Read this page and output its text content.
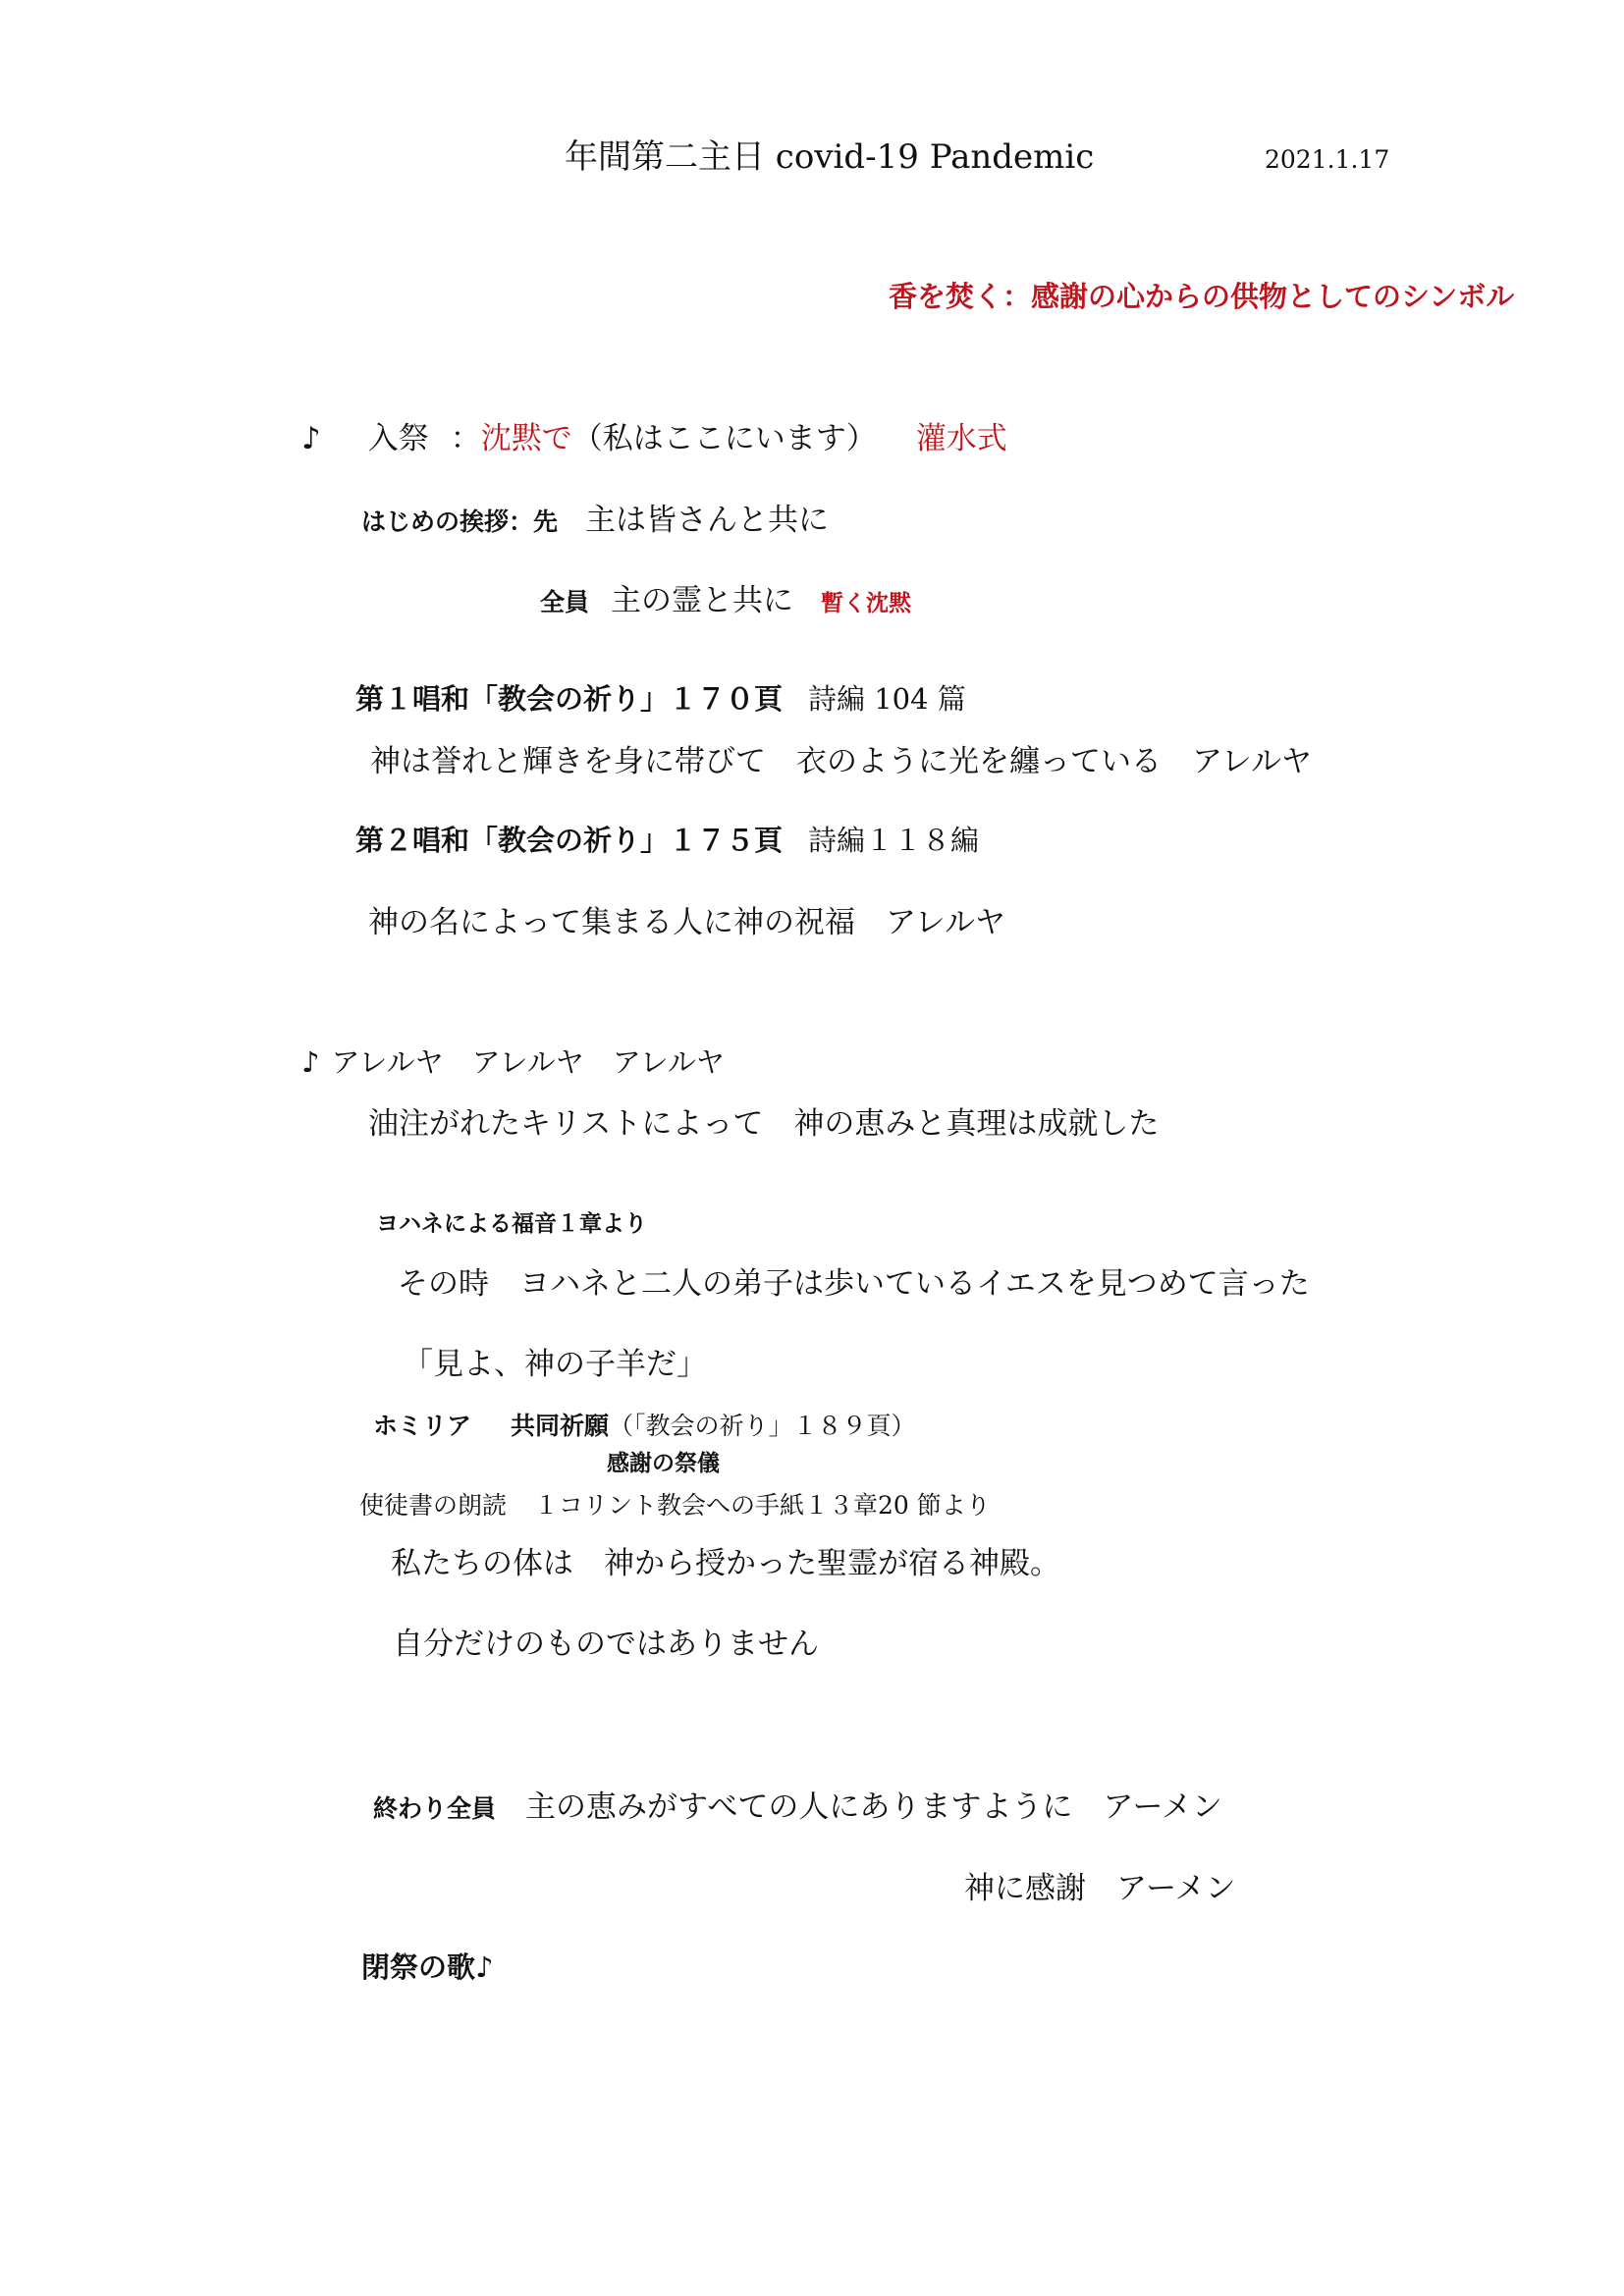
年間第二主日 covid-19 Pandemic	2021.1.17
香を焚く：感謝の心からの供物としてのシンボル
♪ 入祭 ：沈黙で（私はここにいます） 灌水式
はじめの挨拶：先 主は皆さんと共に
全員 主の霊と共に 暫く沈黙
第１唱和「教会の祈り」１７０頁 詩編 104 篇
神は誉れと輝きを身に帯びて　衣のように光を纏っている　アレルヤ
第２唱和「教会の祈り」１７５頁 詩編１１８編
神の名によって集まる人に神の祝福　アレルヤ
♪ アレルヤ　アレルヤ　アレルヤ
油注がれたキリストによって　神の恵みと真理は成就した
ヨハネによる福音１章より
その時　ヨハネと二人の弟子は歩いているイエスを見つめて言った
「見よ、神の子羊だ」
ホミリア 共同祈願（「教会の祈り」１８９頁）
感謝の祭儀
使徒書の朗読 １コリント教会への手紙１３章20 節より
私たちの体は　神から授かった聖霊が宿る神殿。
自分だけのものではありません
終わり全員 主の恵みがすべての人にありますように　アーメン
神に感謝　アーメン
閉祭の歌♪
